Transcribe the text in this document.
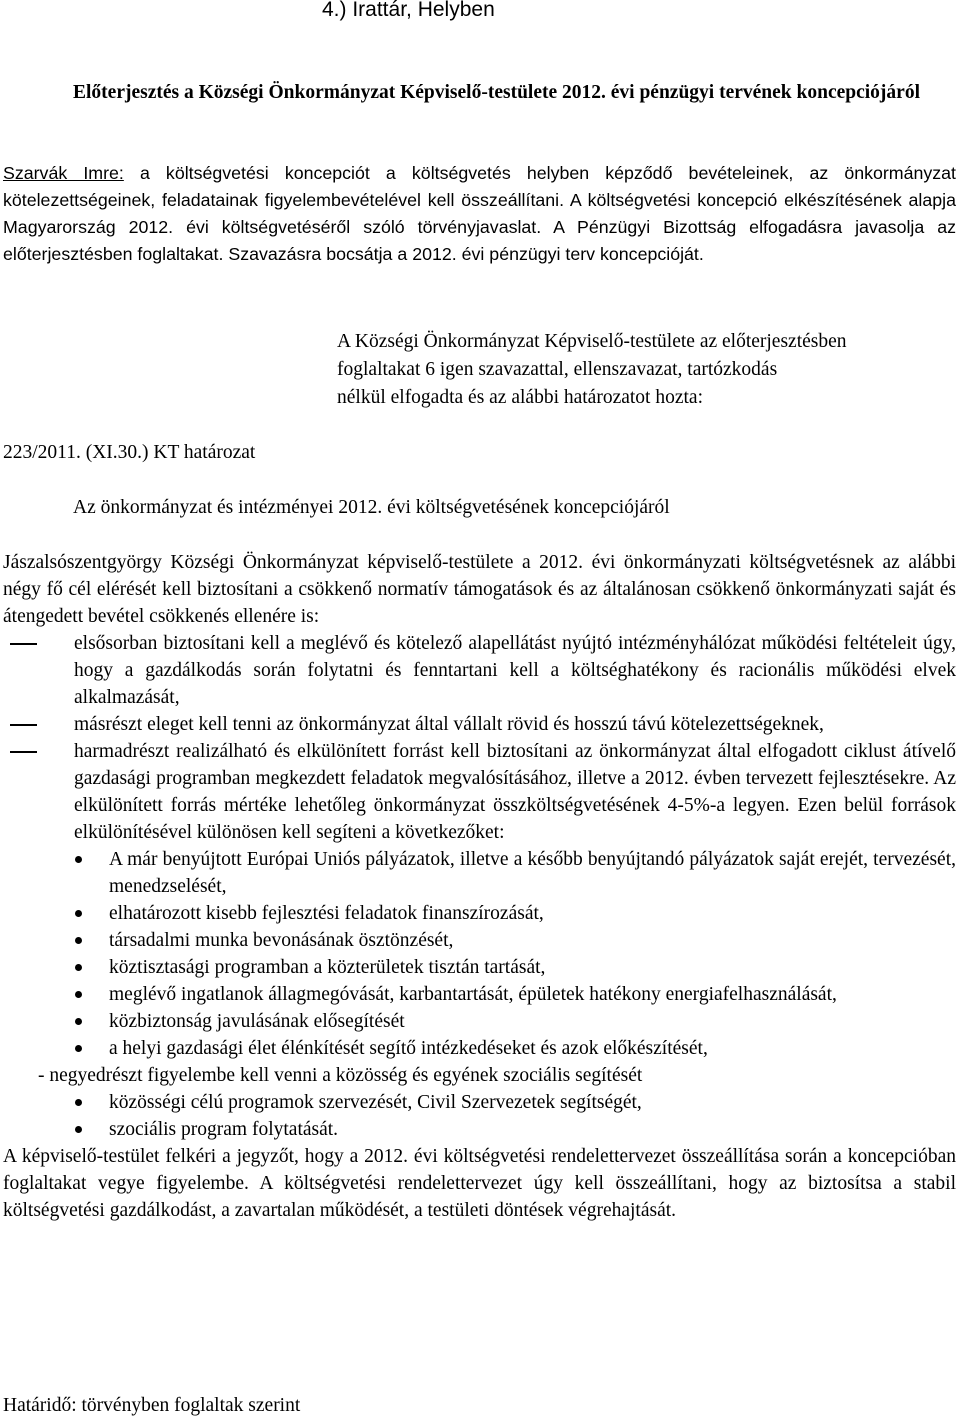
4.) Irattár, Helyben
Előterjesztés a Községi Önkormányzat Képviselő-testülete 2012. évi pénzügyi tervének koncepciójáról
Szarvák Imre: a költségvetési koncepciót a költségvetés helyben képződő bevételeinek, az önkormányzat kötelezettségeinek, feladatainak figyelembevételével kell összeállítani. A költségvetési koncepció elkészítésének alapja Magyarország 2012. évi költségvetéséről szóló törvényjavaslat. A Pénzügyi Bizottság elfogadásra javasolja az előterjesztésben foglaltakat. Szavazásra bocsátja a 2012. évi pénzügyi terv koncepcióját.
A Községi Önkormányzat Képviselő-testülete az előterjesztésben
foglaltakat 6 igen szavazattal, ellenszavazat, tartózkodás
nélkül elfogadta és az alábbi határozatot hozta:
223/2011. (XI.30.) KT határozat
Az önkormányzat és intézményei 2012. évi költségvetésének koncepciójáról
Jászalsószentgyörgy Községi Önkormányzat képviselő-testülete a 2012. évi önkormányzati költségvetésnek az alábbi négy fő cél elérését kell biztosítani a csökkenő normatív támogatások és az általánosan csökkenő önkormányzati saját és átengedett bevétel csökkenés ellenére is:
elsősorban biztosítani kell a meglévő és kötelező alapellátást nyújtó intézményhálózat működési feltételeit úgy, hogy a gazdálkodás során folytatni és fenntartani kell a költséghatékony és racionális működési elvek alkalmazását,
másrészt eleget kell tenni az önkormányzat által vállalt rövid és hosszú távú kötelezettségeknek,
harmadrészt realizálható és elkülönített forrást kell biztosítani az önkormányzat által elfogadott ciklust átívelő gazdasági programban megkezdett feladatok megvalósításához, illetve a 2012. évben tervezett fejlesztésekre. Az elkülönített forrás mértéke lehetőleg önkormányzat összköltségvetésének 4-5%-a legyen. Ezen belül források elkülönítésével különösen kell segíteni a következőket:
A már benyújtott Európai Uniós pályázatok, illetve a később benyújtandó pályázatok saját erejét, tervezését, menedzselését,
elhatározott kisebb fejlesztési feladatok finanszírozását,
társadalmi munka bevonásának ösztönzését,
köztisztasági programban a közterületek tisztán tartását,
meglévő ingatlanok állagmegóvását, karbantartását, épületek hatékony energiafelhasználását,
közbiztonság javulásának elősegítését
a helyi gazdasági élet élénkítését segítő intézkedéseket és azok előkészítését,
- negyedrészt figyelembe kell venni a közösség és egyének szociális segítését
közösségi célú programok szervezését, Civil Szervezetek segítségét,
szociális program folytatását.
A képviselő-testület felkéri a jegyzőt, hogy a 2012. évi költségvetési rendelettervezet összeállítása során a koncepcióban foglaltakat vegye figyelembe. A költségvetési rendelettervezet úgy kell összeállítani, hogy az biztosítsa a stabil költségvetési gazdálkodást, a zavartalan működését, a testületi döntések végrehajtását.
Határidő: törvényben foglaltak szerint
